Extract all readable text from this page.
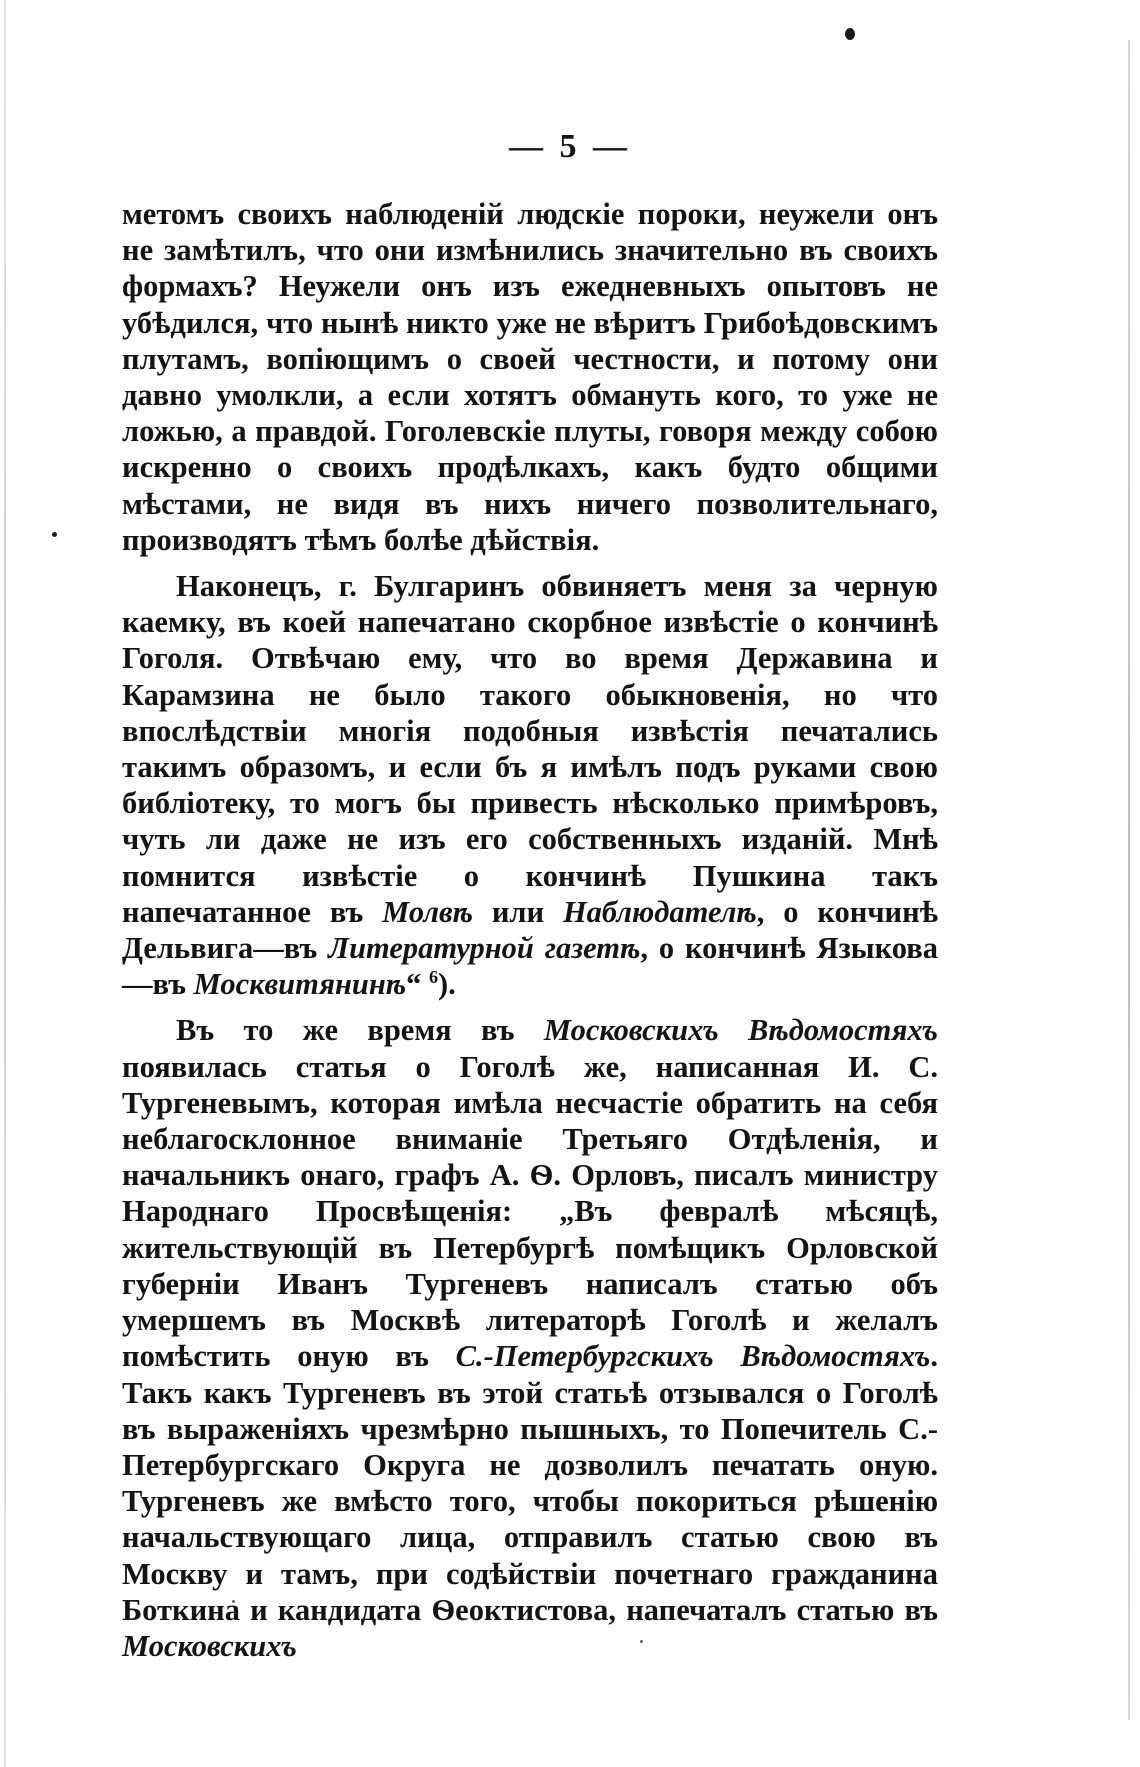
— 5 —

метомъ своихъ наблюденій людскіе пороки, неужели онъ не замѣтилъ, что они измѣнились значительно въ своихъ формахъ? Неужели онъ изъ ежедневныхъ опытовъ не убѣдился, что нынѣ никто уже не вѣритъ Грибоѣдовскимъ плутамъ, вопіющимъ о своей честности, и потому они давно умолкли, а если хотятъ обмануть кого, то уже не ложью, а правдой. Гоголевскіе плуты, говоря между собою искренно о своихъ продѣлкахъ, какъ будто общими мѣстами, не видя въ нихъ ничего позволительнаго, производятъ тѣмъ болѣе дѣйствія.

Наконецъ, г. Булгаринъ обвиняетъ меня за черную каемку, въ коей напечатано скорбное извѣстіе о кончинѣ Гоголя. Отвѣчаю ему, что во время Державина и Карамзина не было такого обыкновенія, но что впослѣдствіи многія подобныя извѣстія печатались такимъ образомъ, и если бъ я имѣлъ подъ руками свою библіотеку, то могъ бы привесть нѣсколько примѣровъ, чуть ли даже не изъ его собственныхъ изданій. Мнѣ помнится извѣстіе о кончинѣ Пушкина такъ напечатанное въ Молвѣ или Наблюдателѣ, о кончинѣ Дельвига—въ Литературной газетѣ, о кончинѣ Языкова—въ Москвитянинѣ“ $^6$).

Въ то же время въ Московскихъ Вѣдомостяхъ появилась статья о Гоголѣ же, написанная И. С. Тургеневымъ, которая имѣла несчастіе обратить на себя неблагосклонное вниманіе Третьяго Отдѣленія, и начальникъ онаго, графъ А. Ѳ. Орловъ, писалъ министру Народнаго Просвѣщенія: „Въ февралѣ мѣсяцѣ, жительствующій въ Петербургѣ помѣщикъ Орловской губерніи Иванъ Тургеневъ написалъ статью объ умершемъ въ Москвѣ литераторѣ Гоголѣ и желалъ помѣстить оную въ С.-Петербургскихъ Вѣдомостяхъ. Такъ какъ Тургеневъ въ этой статьѣ отзывался о Гоголѣ въ выраженіяхъ чрезмѣрно пышныхъ, то Попечитель С.-Петербургскаго Округа не дозволилъ печатать оную. Тургеневъ же вмѣсто того, чтобы покориться рѣшенію начальствующаго лица, отправилъ статью свою въ Москву и тамъ, при содѣйствіи почетнаго гражданина Боткина и кандидата Ѳеоктистова, напечаталъ статью въ Московскихъ
